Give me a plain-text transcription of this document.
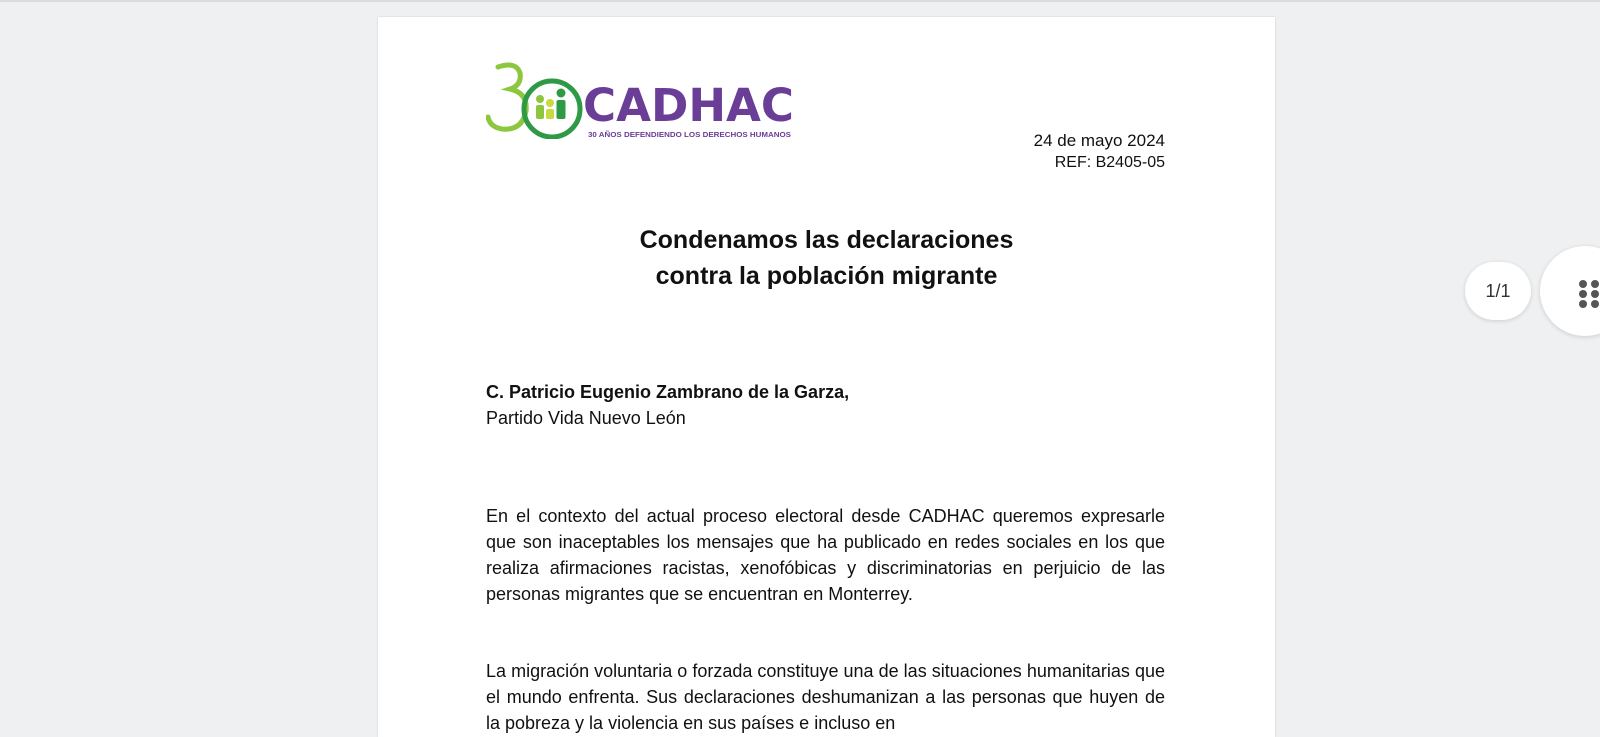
CADHAC
30 AÑOS DEFENDIENDO LOS DERECHOS HUMANOS	24 de mayo 2024
REF: B2405-05
Condenamos las declaraciones
contra la población migrante
C. Patricio Eugenio Zambrano de la Garza,
Partido Vida Nuevo León

En el contexto del actual proceso electoral desde CADHAC queremos expresarle que son inaceptables los mensajes que ha publicado en redes sociales en los que realiza afirmaciones racistas, xenofóbicas y discriminatorias en perjuicio de las personas migrantes que se encuentran en Monterrey.

La migración voluntaria o forzada constituye una de las situaciones humanitarias que el mundo enfrenta. Sus declaraciones deshumanizan a las personas que huyen de la pobreza y la violencia en sus países e incluso en

1/1
